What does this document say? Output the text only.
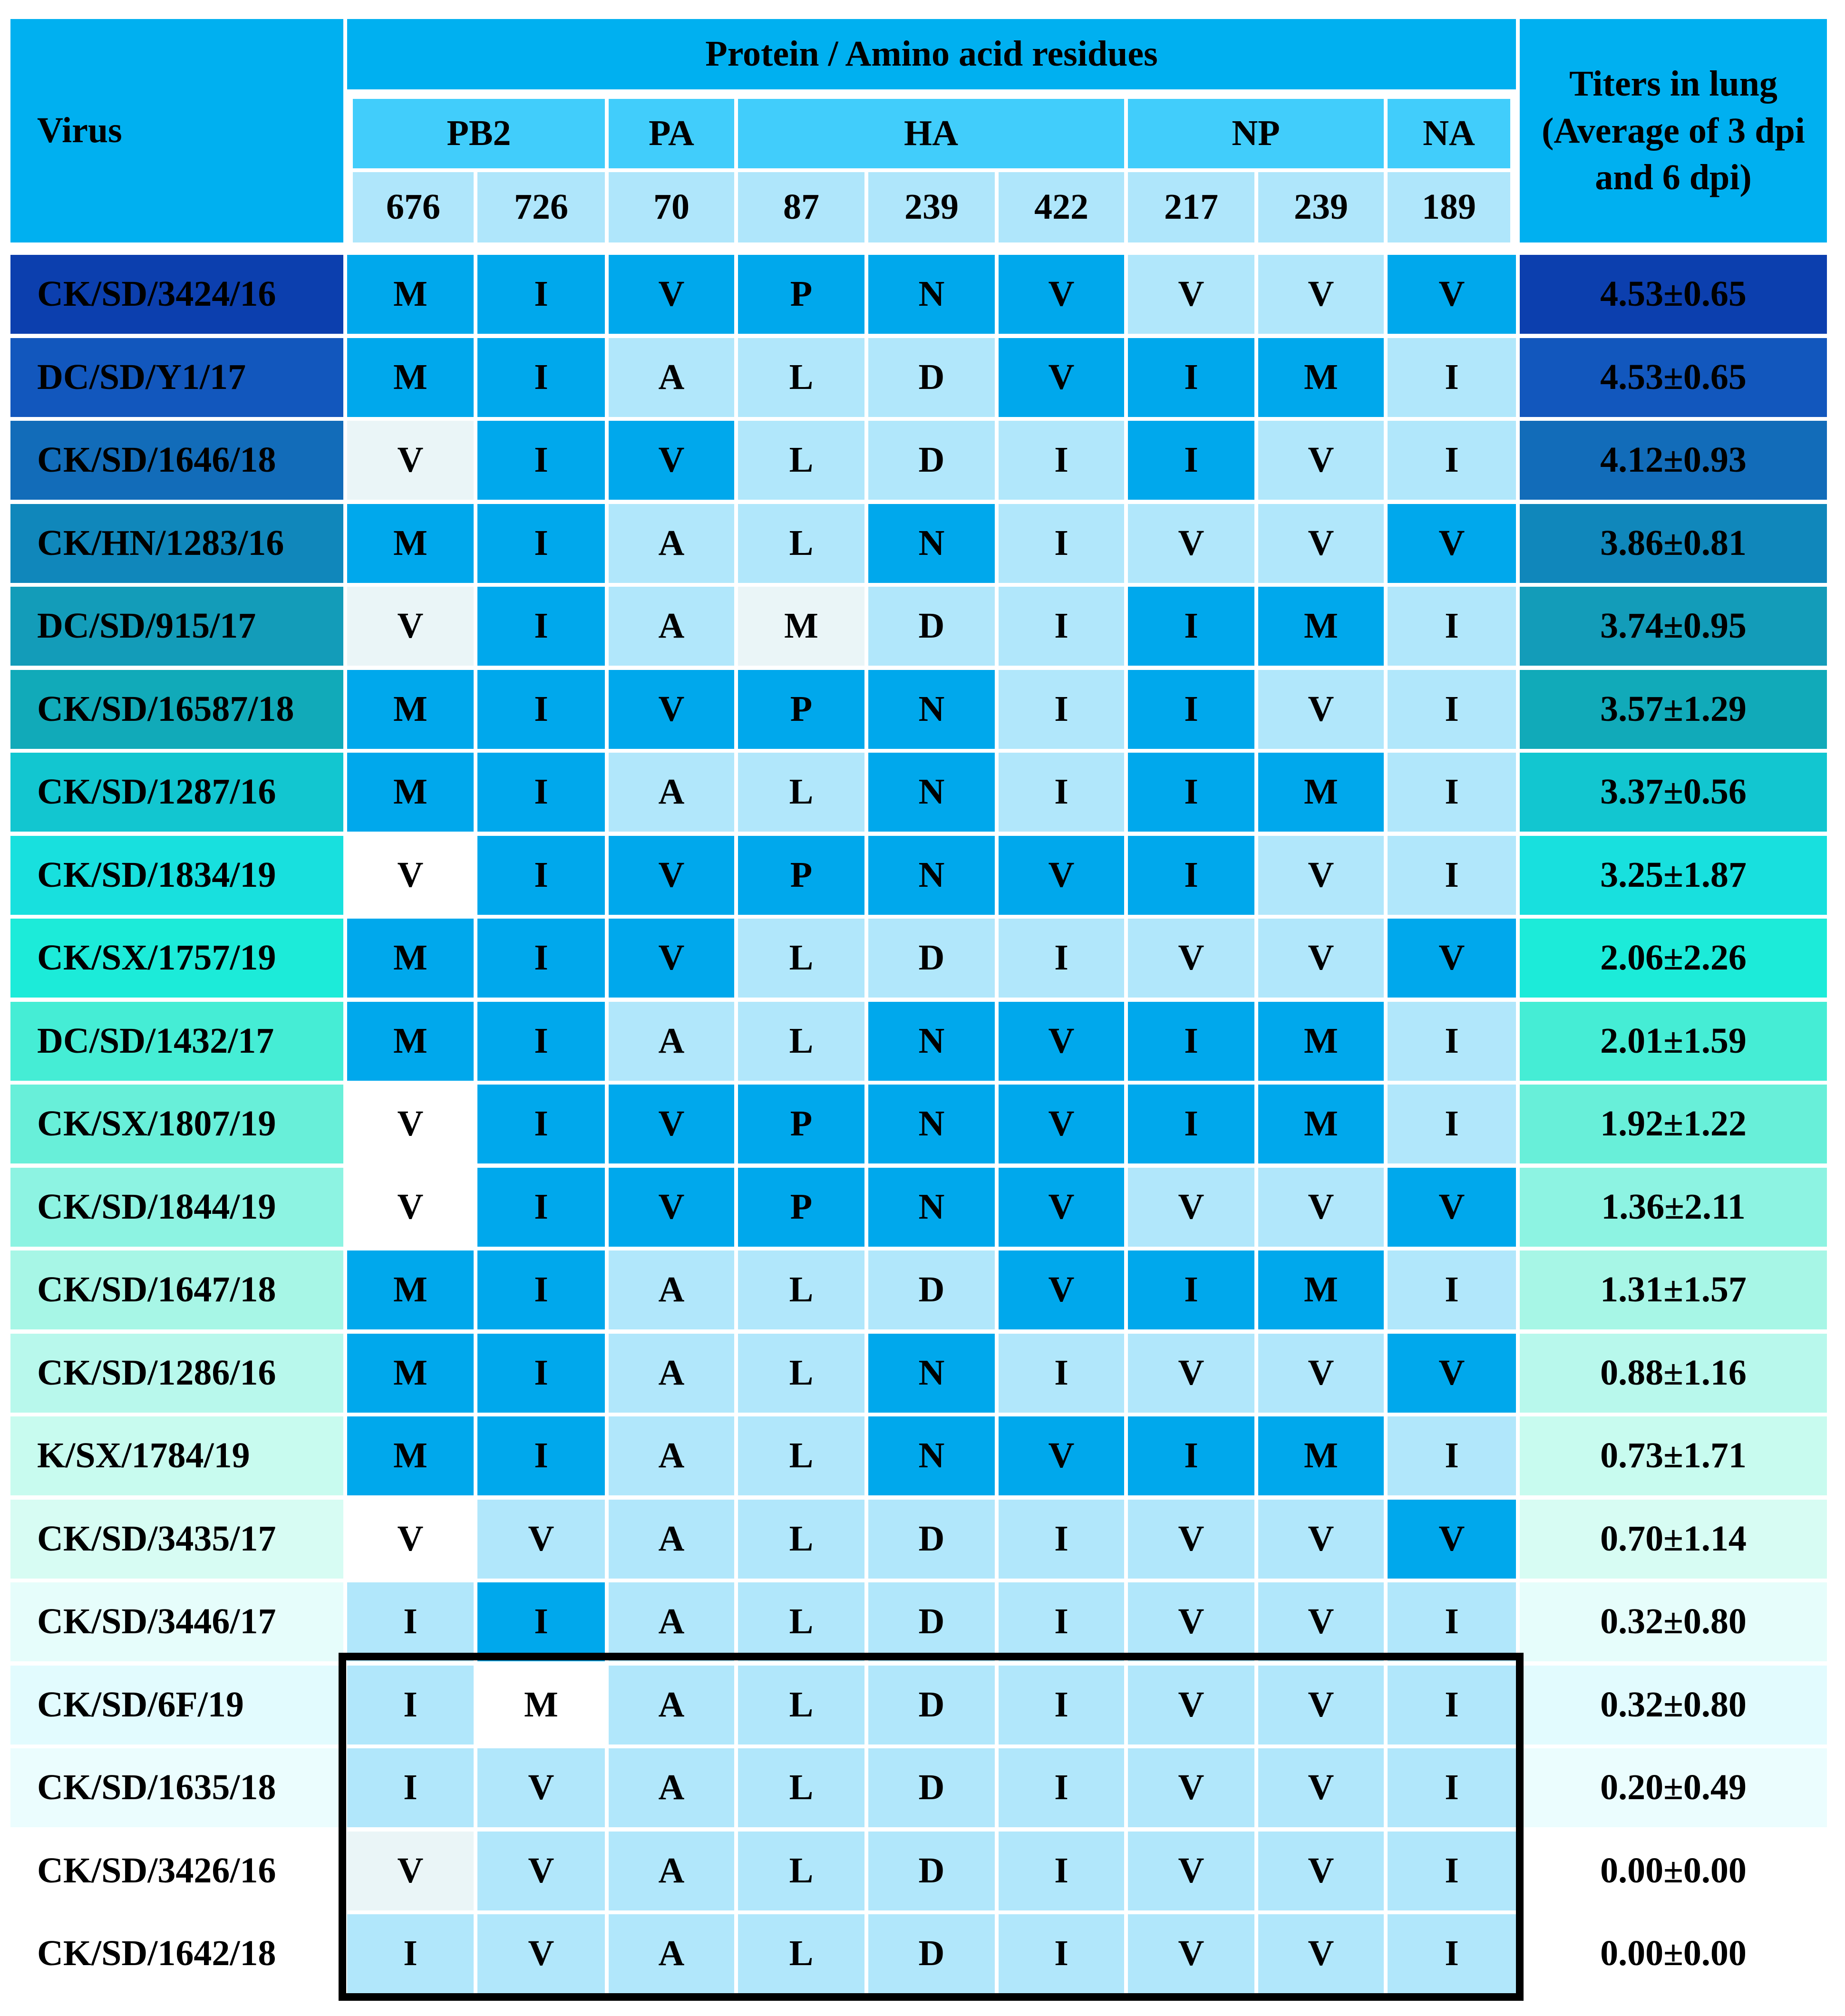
Virus
Protein / Amino acid residues
Titers in lung (Average of 3 dpi and 6 dpi)
PB2	PA	HA	NP	NA
676	726	70	87	239	422	217	239	189
CK/SD/3424/16	M	I	V	P	N	V	V	V	V	4.53±0.65
DC/SD/Y1/17	M	I	A	L	D	V	I	M	I	4.53±0.65
CK/SD/1646/18	V	I	V	L	D	I	I	V	I	4.12±0.93
CK/HN/1283/16	M	I	A	L	N	I	V	V	V	3.86±0.81
DC/SD/915/17	V	I	A	M	D	I	I	M	I	3.74±0.95
CK/SD/16587/18	M	I	V	P	N	I	I	V	I	3.57±1.29
CK/SD/1287/16	M	I	A	L	N	I	I	M	I	3.37±0.56
CK/SD/1834/19	V	I	V	P	N	V	I	V	I	3.25±1.87
CK/SX/1757/19	M	I	V	L	D	I	V	V	V	2.06±2.26
DC/SD/1432/17	M	I	A	L	N	V	I	M	I	2.01±1.59
CK/SX/1807/19	V	I	V	P	N	V	I	M	I	1.92±1.22
CK/SD/1844/19	V	I	V	P	N	V	V	V	V	1.36±2.11
CK/SD/1647/18	M	I	A	L	D	V	I	M	I	1.31±1.57
CK/SD/1286/16	M	I	A	L	N	I	V	V	V	0.88±1.16
K/SX/1784/19	M	I	A	L	N	V	I	M	I	0.73±1.71
CK/SD/3435/17	V	V	A	L	D	I	V	V	V	0.70±1.14
CK/SD/3446/17	I	I	A	L	D	I	V	V	I	0.32±0.80
CK/SD/6F/19	I	M	A	L	D	I	V	V	I	0.32±0.80
CK/SD/1635/18	I	V	A	L	D	I	V	V	I	0.20±0.49
CK/SD/3426/16	V	V	A	L	D	I	V	V	I	0.00±0.00
CK/SD/1642/18	I	V	A	L	D	I	V	V	I	0.00±0.00
